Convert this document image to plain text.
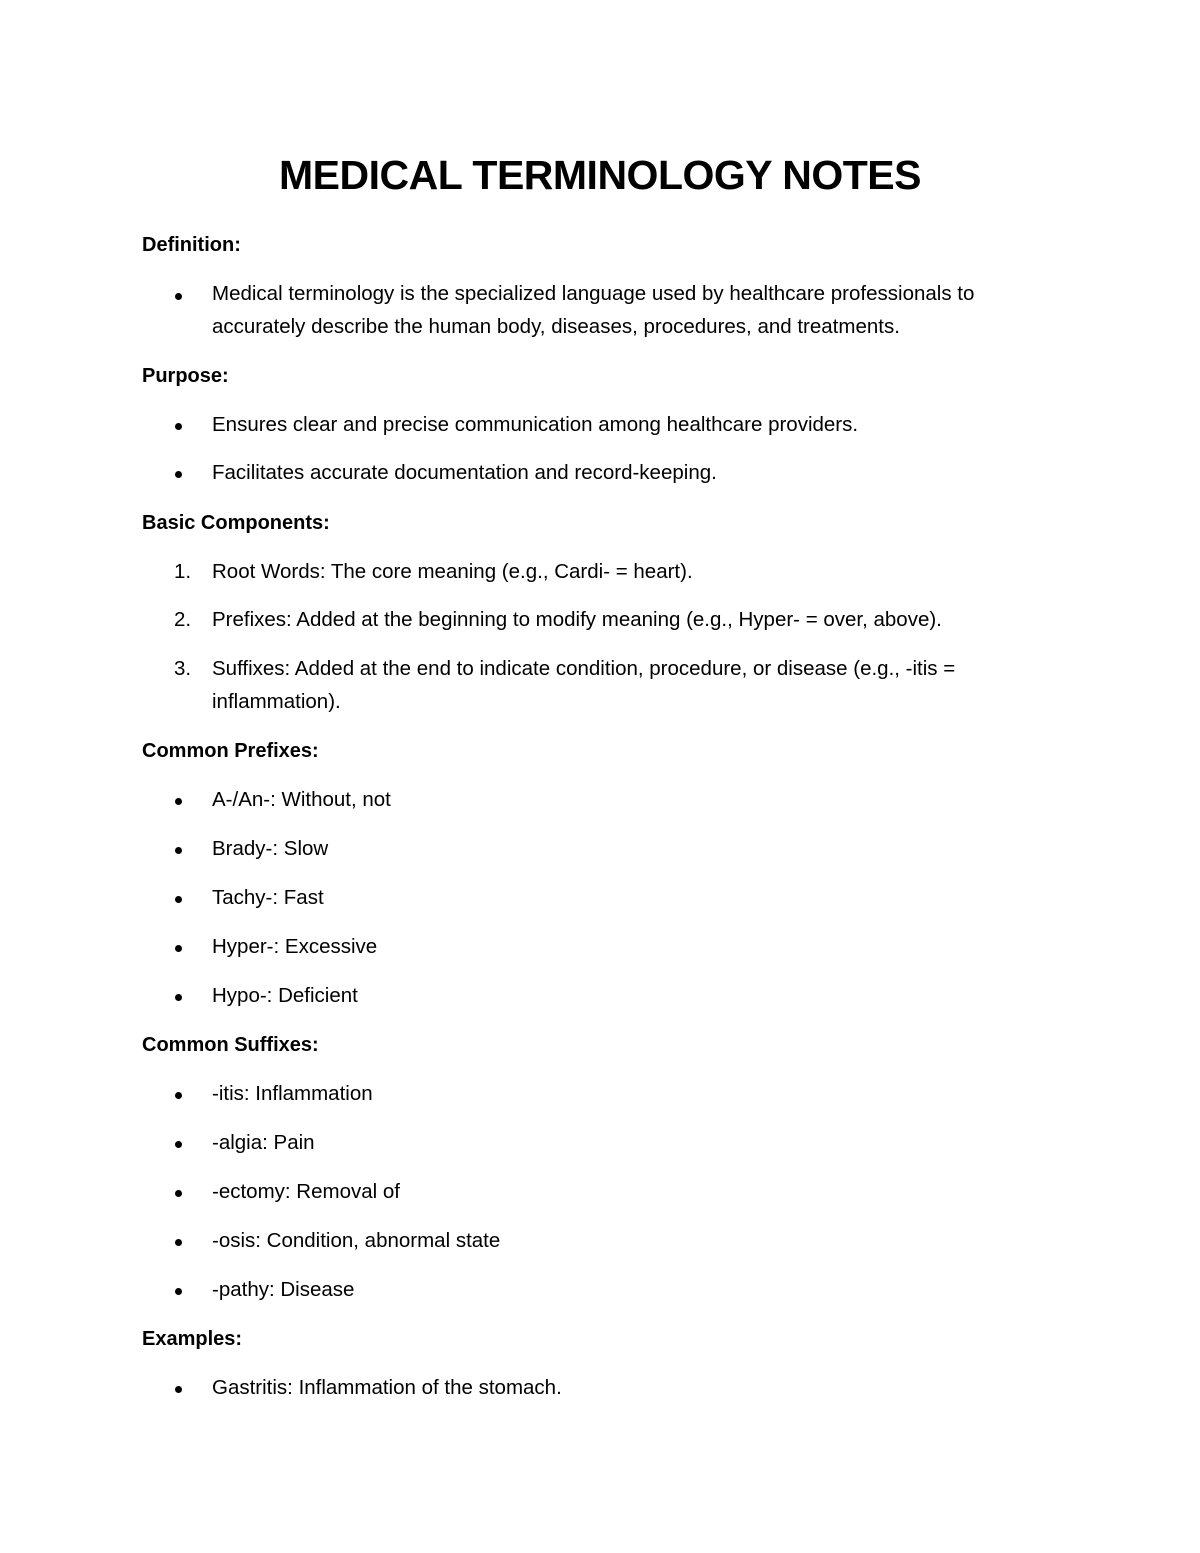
MEDICAL TERMINOLOGY NOTES
Definition:

Medical terminology is the specialized language used by healthcare professionals to accurately describe the human body, diseases, procedures, and treatments.

Purpose:

Ensures clear and precise communication among healthcare providers.

Facilitates accurate documentation and record-keeping.

Basic Components:
1. Root Words: The core meaning (e.g., Cardi- = heart).

2. Prefixes: Added at the beginning to modify meaning (e.g., Hyper- = over, above).

3. Suffixes: Added at the end to indicate condition, procedure, or disease (e.g., -itis = inflammation).

Common Prefixes:

A-/An-: Without, not

Brady-: Slow

Tachy-: Fast

Hyper-: Excessive

Hypo-: Deficient

Common Suffixes:

-itis: Inflammation

-algia: Pain

-ectomy: Removal of

-osis: Condition, abnormal state

-pathy: Disease

Examples:

Gastritis: Inflammation of the stomach.
